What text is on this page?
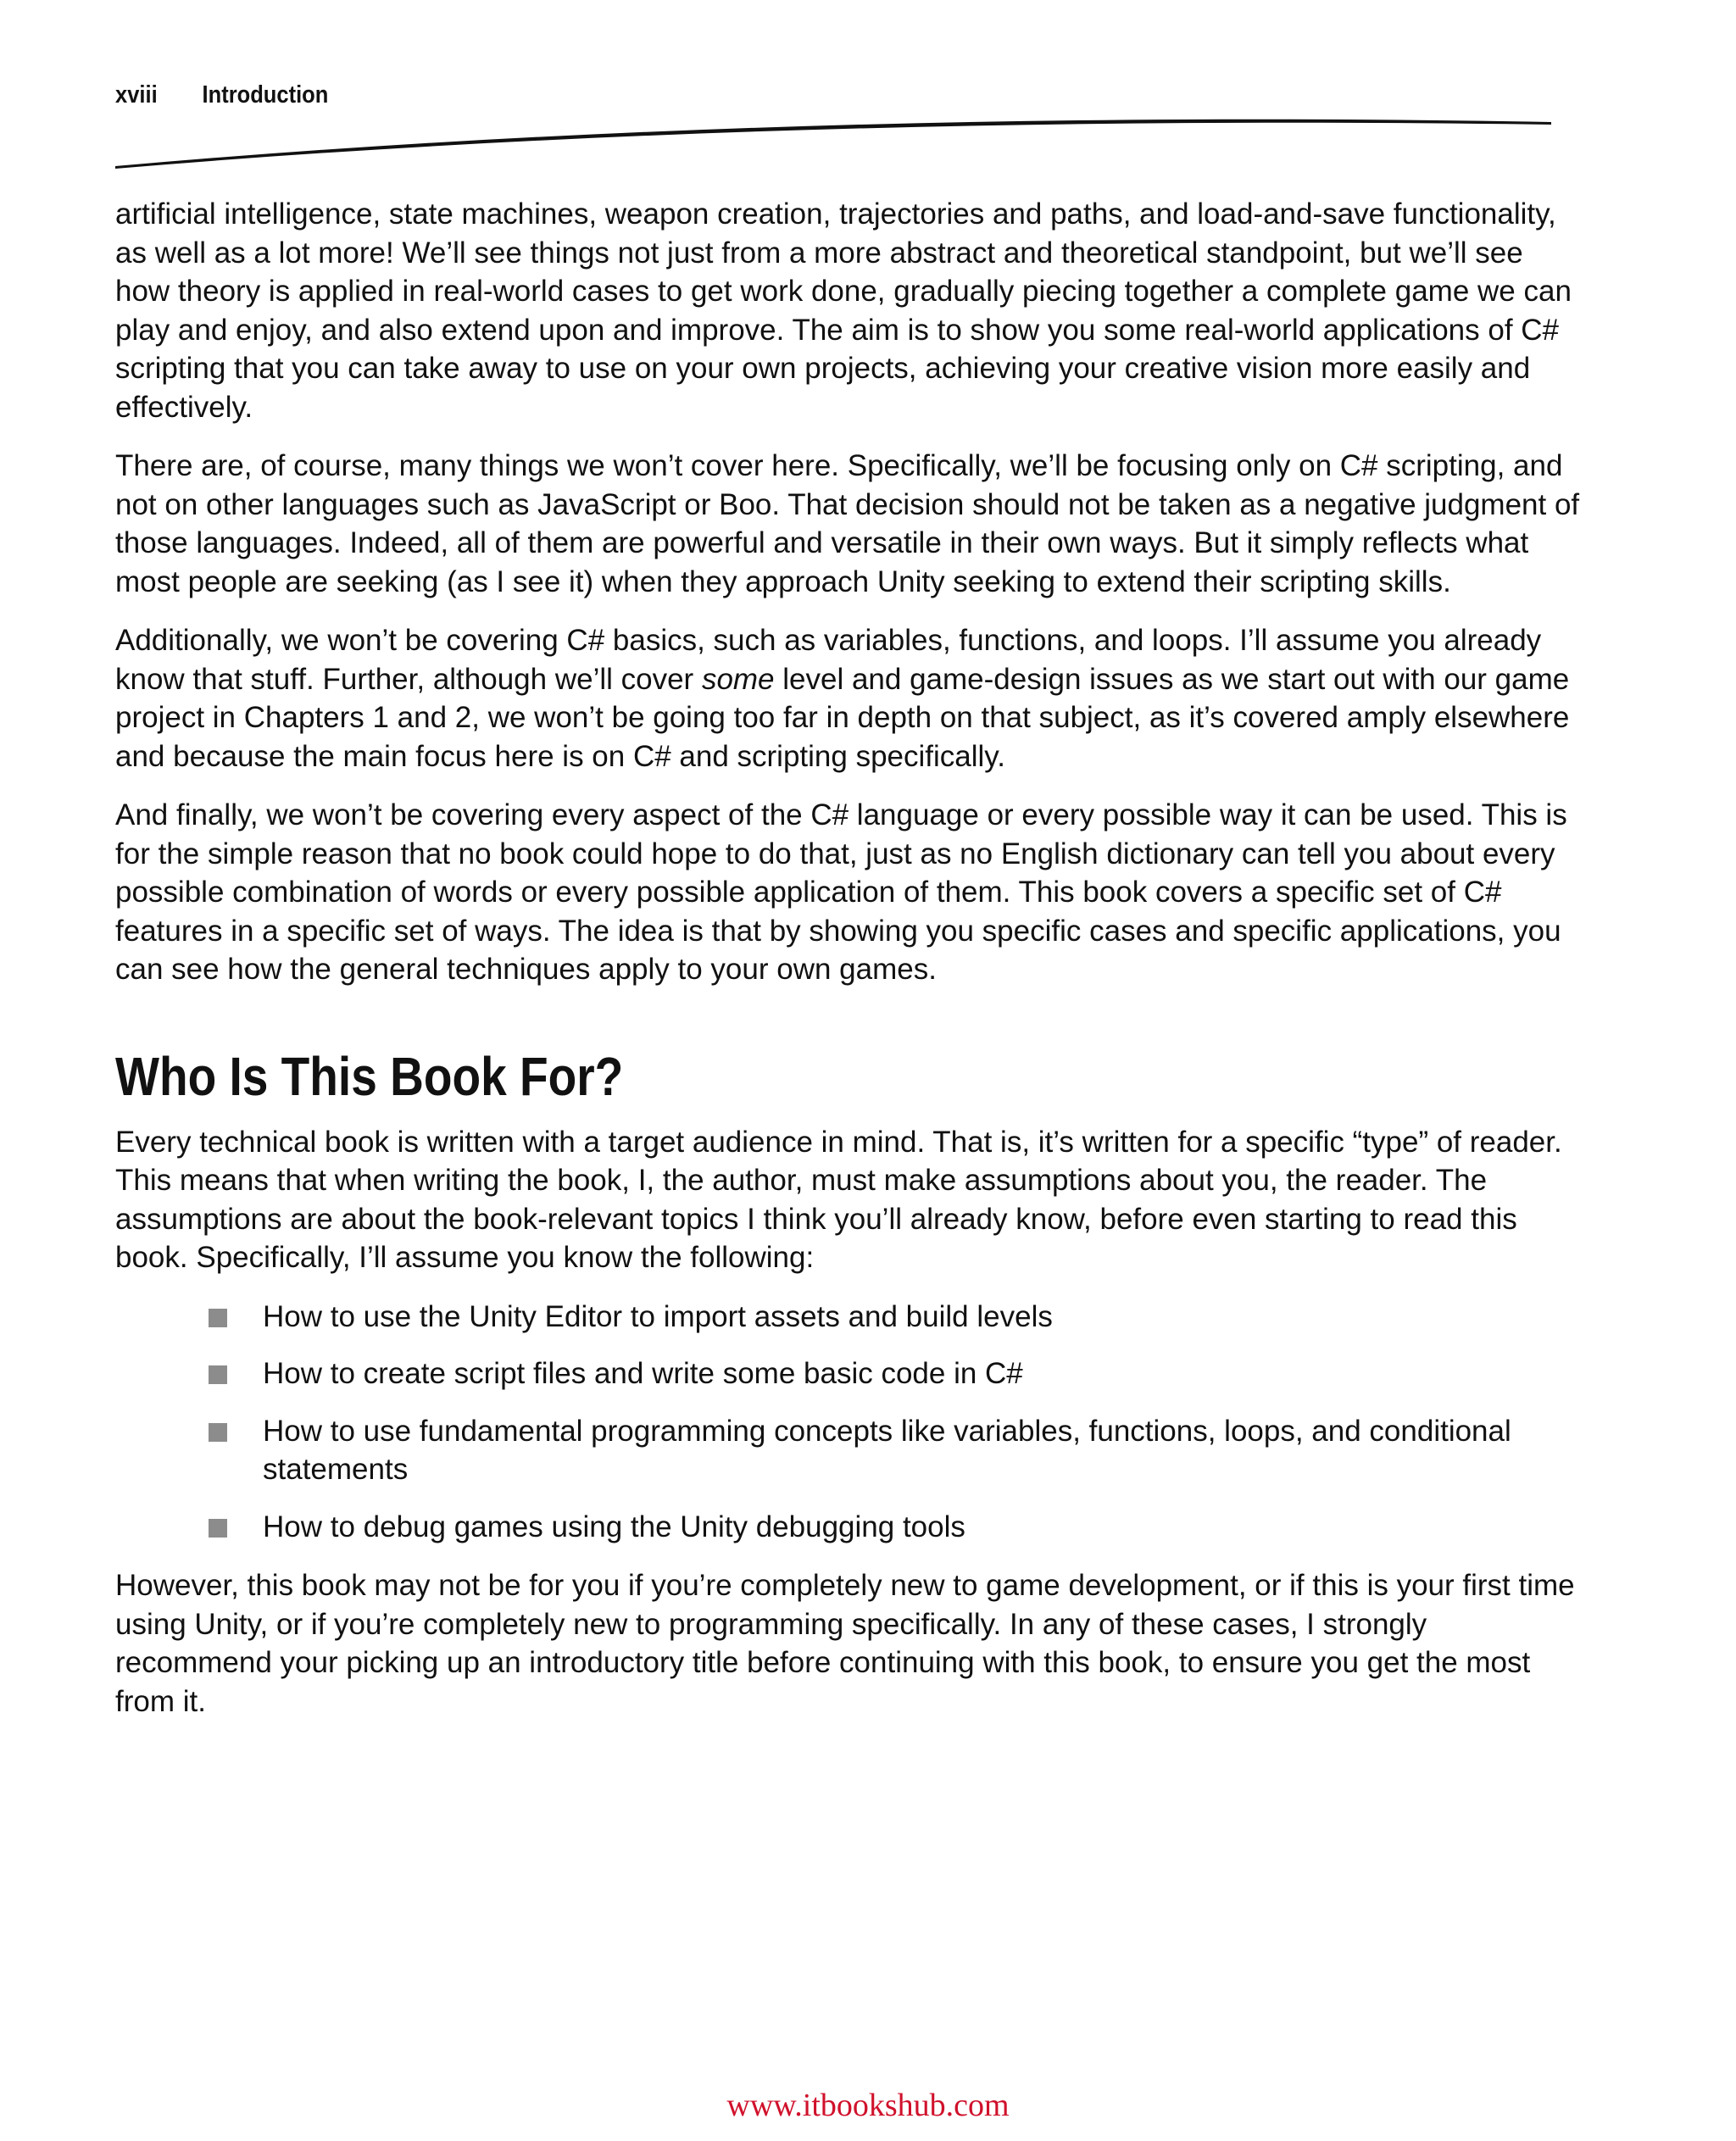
xviii Introduction

artificial intelligence, state machines, weapon creation, trajectories and paths, and load-and-save functionality, as well as a lot more! We’ll see things not just from a more abstract and theoretical standpoint, but we’ll see how theory is applied in real-world cases to get work done, gradually piecing together a complete game we can play and enjoy, and also extend upon and improve. The aim is to show you some real-world applications of C# scripting that you can take away to use on your own projects, achieving your creative vision more easily and effectively.

There are, of course, many things we won’t cover here. Specifically, we’ll be focusing only on C# scripting, and not on other languages such as JavaScript or Boo. That decision should not be taken as a negative judgment of those languages. Indeed, all of them are powerful and versatile in their own ways. But it simply reflects what most people are seeking (as I see it) when they approach Unity seeking to extend their scripting skills.

Additionally, we won’t be covering C# basics, such as variables, functions, and loops. I’ll assume you already know that stuff. Further, although we’ll cover some level and game-design issues as we start out with our game project in Chapters 1 and 2, we won’t be going too far in depth on that subject, as it’s covered amply elsewhere and because the main focus here is on C# and scripting specifically.

And finally, we won’t be covering every aspect of the C# language or every possible way it can be used. This is for the simple reason that no book could hope to do that, just as no English dictionary can tell you about every possible combination of words or every possible application of them. This book covers a specific set of C# features in a specific set of ways. The idea is that by showing you specific cases and specific applications, you can see how the general techniques apply to your own games.

Who Is This Book For?

Every technical book is written with a target audience in mind. That is, it’s written for a specific “type” of reader. This means that when writing the book, I, the author, must make assumptions about you, the reader. The assumptions are about the book-relevant topics I think you’ll already know, before even starting to read this book. Specifically, I’ll assume you know the following:

How to use the Unity Editor to import assets and build levels
How to create script files and write some basic code in C#
How to use fundamental programming concepts like variables, functions, loops, and conditional statements
How to debug games using the Unity debugging tools

However, this book may not be for you if you’re completely new to game development, or if this is your first time using Unity, or if you’re completely new to programming specifically. In any of these cases, I strongly recommend your picking up an introductory title before continuing with this book, to ensure you get the most from it.

www.itbookshub.com
